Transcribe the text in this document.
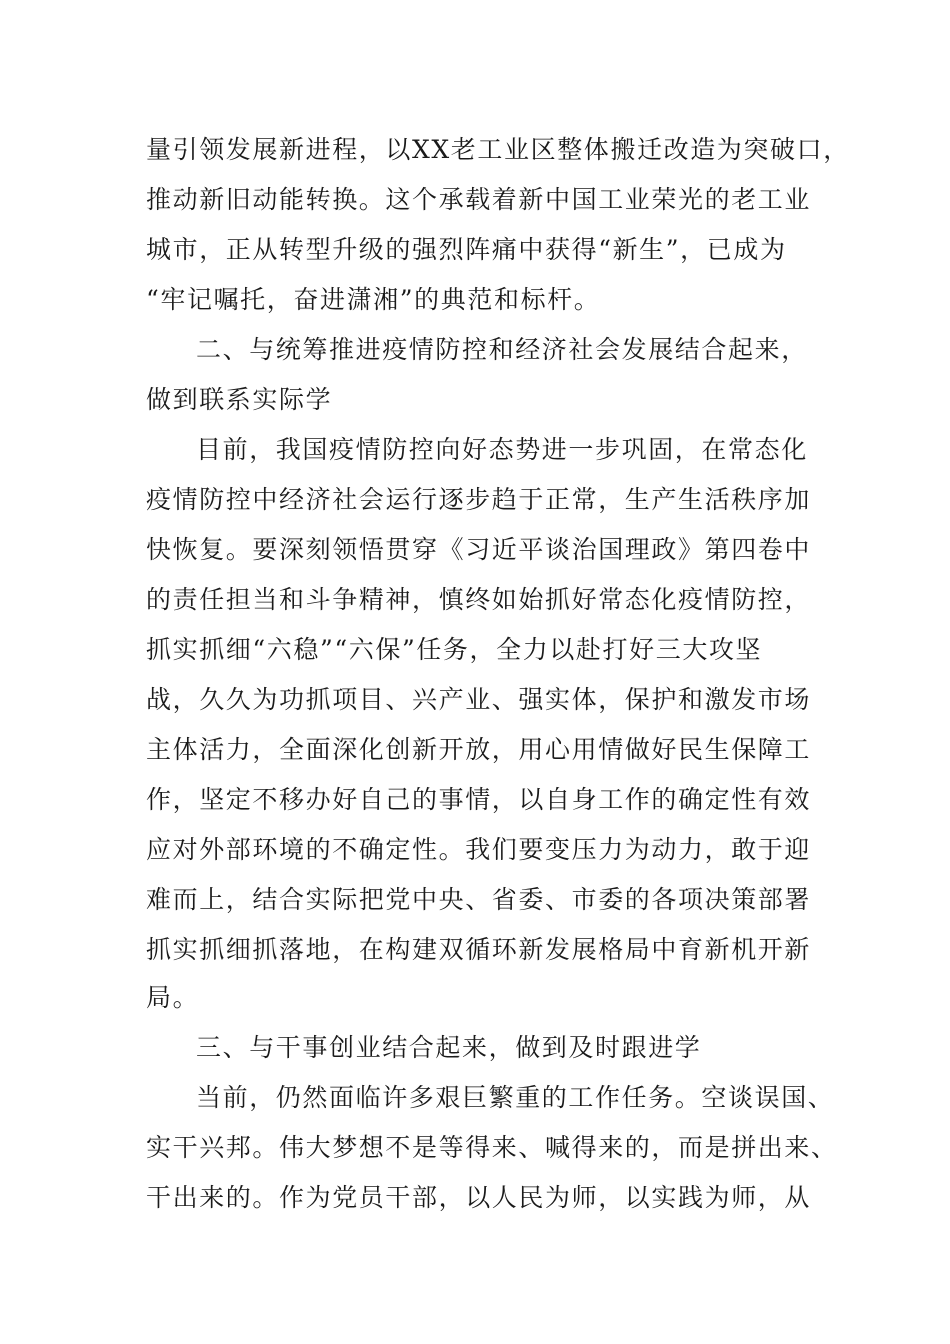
量引领发展新进程，以XX老工业区整体搬迁改造为突破口，
推动新旧动能转换。这个承载着新中国工业荣光的老工业
城市，正从转型升级的强烈阵痛中获得“新生”，已成为
“牢记嘱托，奋进潇湘”的典范和标杆。
二、与统筹推进疫情防控和经济社会发展结合起来，
做到联系实际学
目前，我国疫情防控向好态势进一步巩固，在常态化
疫情防控中经济社会运行逐步趋于正常，生产生活秩序加
快恢复。要深刻领悟贯穿《习近平谈治国理政》第四卷中
的责任担当和斗争精神，慎终如始抓好常态化疫情防控，
抓实抓细“六稳”“六保”任务，全力以赴打好三大攻坚
战，久久为功抓项目、兴产业、强实体，保护和激发市场
主体活力，全面深化创新开放，用心用情做好民生保障工
作，坚定不移办好自己的事情，以自身工作的确定性有效
应对外部环境的不确定性。我们要变压力为动力，敢于迎
难而上，结合实际把党中央、省委、市委的各项决策部署
抓实抓细抓落地，在构建双循环新发展格局中育新机开新
局。
三、与干事创业结合起来，做到及时跟进学
当前，仍然面临许多艰巨繁重的工作任务。空谈误国、
实干兴邦。伟大梦想不是等得来、喊得来的，而是拼出来、
干出来的。作为党员干部，以人民为师，以实践为师，从
